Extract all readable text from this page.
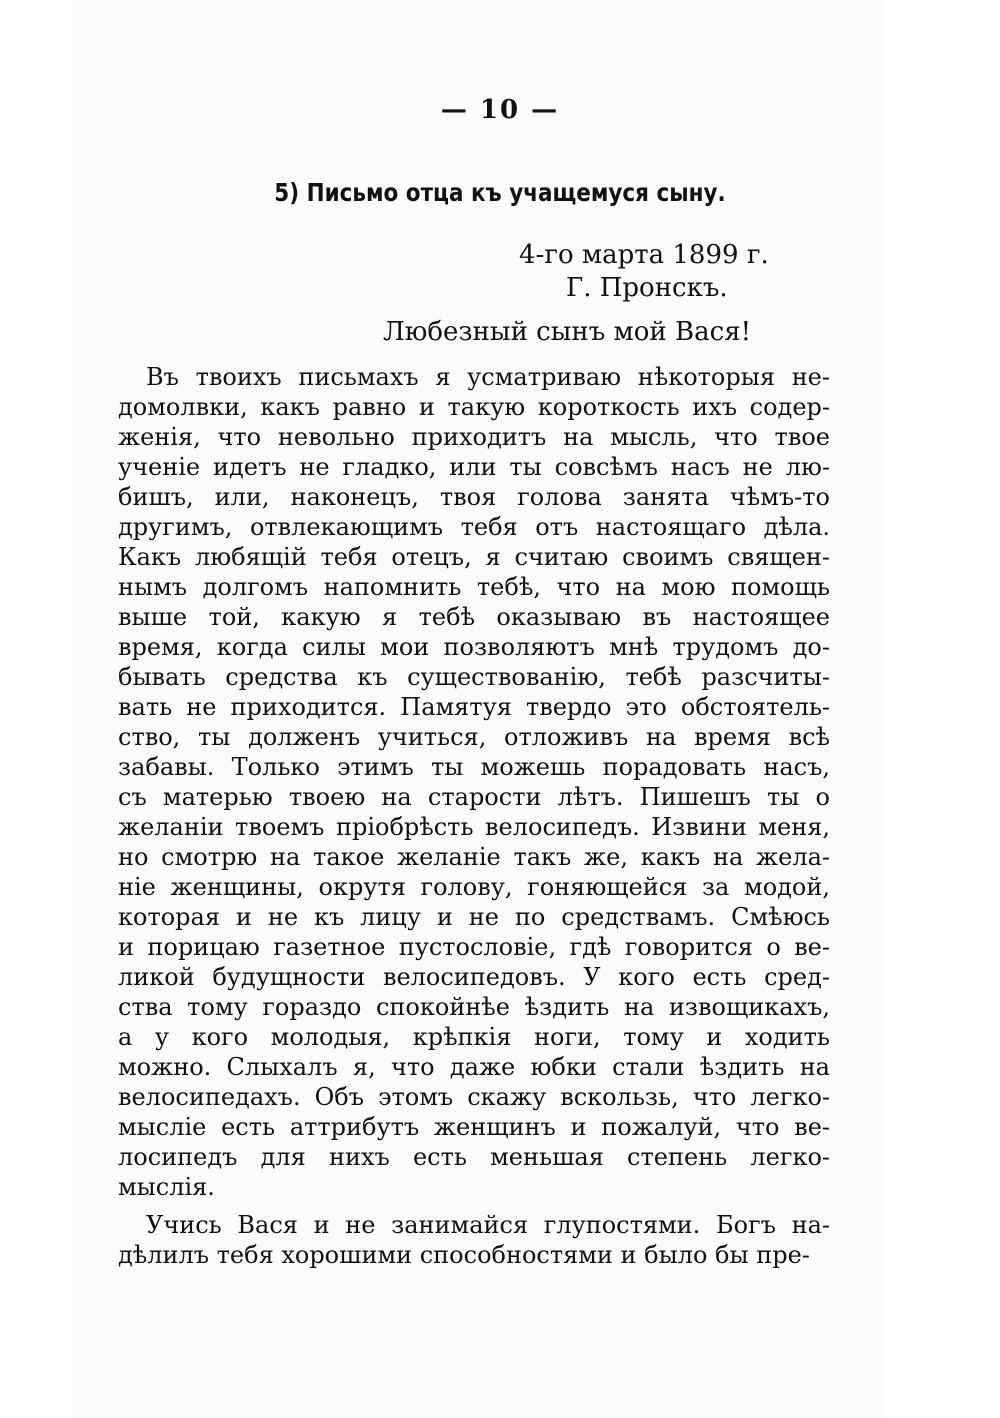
— 10 —
5) Письмо отца къ учащемуся сыну.
4-го марта 1899 г.
Г. Пронскъ.
Любезный сынъ мой Вася!
Въ твоихъ письмахъ я усматриваю нѣкоторыя не-
домолвки, какъ равно и такую короткость ихъ содер-
женія, что невольно приходитъ на мысль, что твое
ученіе идетъ не гладко, или ты совсѣмъ насъ не лю-
бишъ, или, наконецъ, твоя голова занята чѣмъ-то
другимъ, отвлекающимъ тебя отъ настоящаго дѣла.
Какъ любящій тебя отецъ, я считаю своимъ священ-
нымъ долгомъ напомнить тебѣ, что на мою помощь
выше той, какую я тебѣ оказываю въ настоящее
время, когда силы мои позволяютъ мнѣ трудомъ до-
бывать средства къ существованію, тебѣ разсчиты-
вать не приходится. Памятуя твердо это обстоятель-
ство, ты долженъ учиться, отложивъ на время всѣ
забавы. Только этимъ ты можешь порадовать насъ,
съ матерью твоею на старости лѣтъ. Пишешъ ты о
желаніи твоемъ пріобрѣсть велосипедъ. Извини меня,
но смотрю на такое желаніе такъ же, какъ на жела-
ніе женщины, окрутя голову, гоняющейся за модой,
которая и не къ лицу и не по средствамъ. Смѣюсь
и порицаю газетное пустословіе, гдѣ говорится о ве-
ликой будущности велосипедовъ. У кого есть сред-
ства тому гораздо спокойнѣе ѣздить на извощикахъ,
а у кого молодыя, крѣпкія ноги, тому и ходить
можно. Слыхалъ я, что даже юбки стали ѣздить на
велосипедахъ. Объ этомъ скажу вскользь, что легко-
мысліе есть аттрибутъ женщинъ и пожалуй, что ве-
лосипедъ для нихъ есть меньшая степень легко-
мыслія.
Учись Вася и не занимайся глупостями. Богъ на-
дѣлилъ тебя хорошими способностями и было бы пре-
